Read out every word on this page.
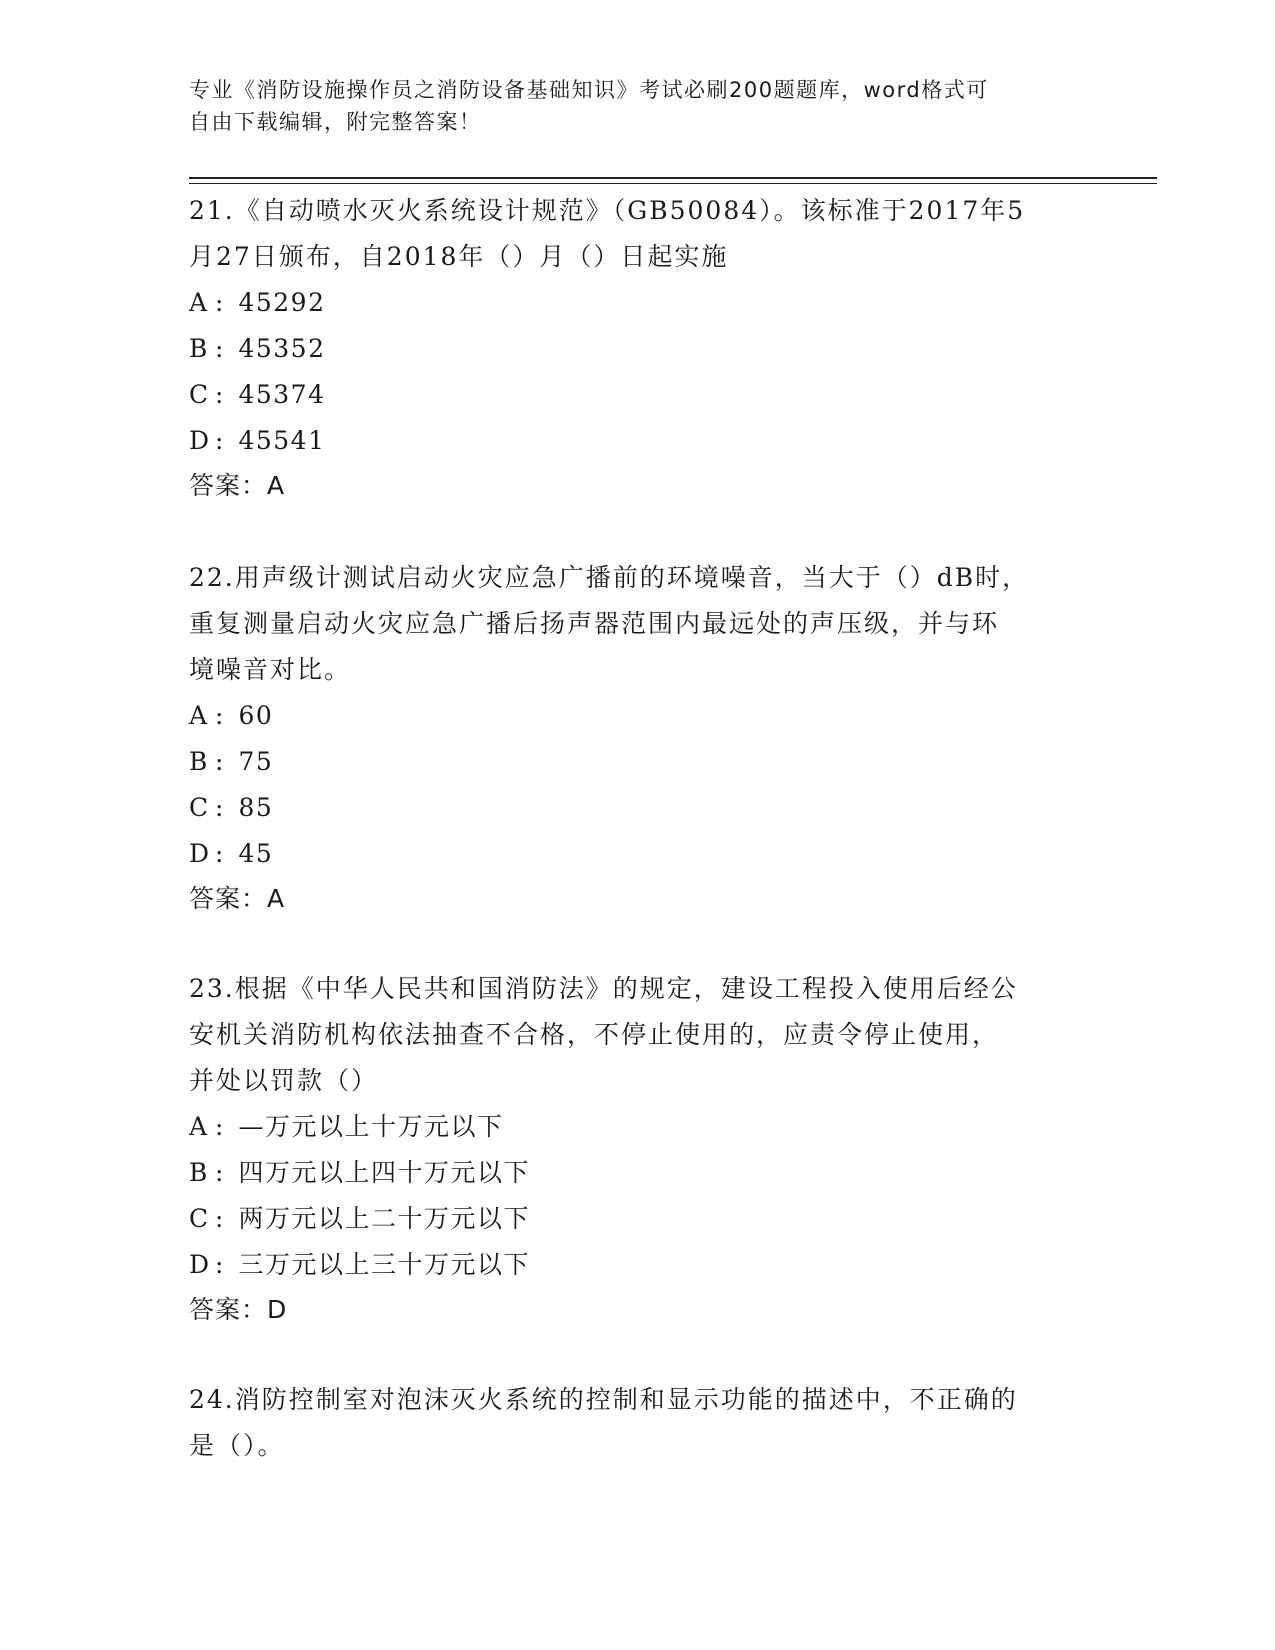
专业《消防设施操作员之消防设备基础知识》考试必刷200题题库，word格式可
自由下载编辑，附完整答案！
21.《自动喷水灭火系统设计规范》（GB50084）。该标准于2017年5
月27日颁布，自2018年（）月（）日起实施
A : 45292
B : 45352
C : 45374
D : 45541
答案：A
22.用声级计测试启动火灾应急广播前的环境噪音，当大于（）dB时，
重复测量启动火灾应急广播后扬声器范围内最远处的声压级，并与环
境噪音对比。
A : 60
B : 75
C : 85
D : 45
答案：A
23.根据《中华人民共和国消防法》的规定，建设工程投入使用后经公
安机关消防机构依法抽查不合格，不停止使用的，应责令停止使用，
并处以罚款（）
A : —万元以上十万元以下
B : 四万元以上四十万元以下
C : 两万元以上二十万元以下
D : 三万元以上三十万元以下
答案：D
24.消防控制室对泡沫灭火系统的控制和显示功能的描述中，不正确的
是（）。
